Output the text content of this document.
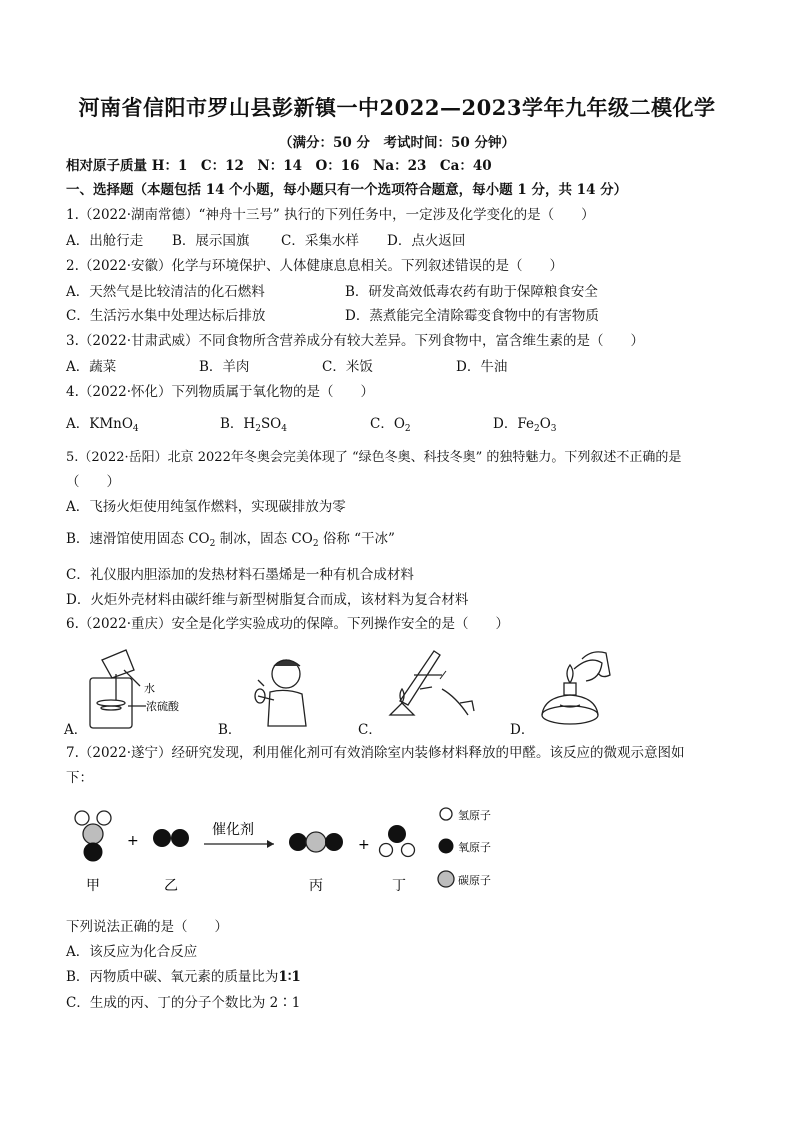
河南省信阳市罗山县彭新镇一中2022—2023学年九年级二模化学
（满分：50 分　考试时间：50 分钟）
相对原子质量 H：1　C：12　N：14　O：16　Na：23　Ca：40
一、选择题（本题包括 14 个小题，每小题只有一个选项符合题意，每小题 1 分，共 14 分）
1.（2022·湖南常德）“神舟十三号” 执行的下列任务中，一定涉及化学变化的是（　　）
A．出舱行走 B．展示国旗 C．采集水样 D．点火返回
2.（2022·安徽）化学与环境保护、人体健康息息相关。下列叙述错误的是（　　）
A．天然气是比较清洁的化石燃料	B．研发高效低毒农药有助于保障粮食安全
C．生活污水集中处理达标后排放	D．蒸煮能完全清除霉变食物中的有害物质
3.（2022·甘肃武威）不同食物所含营养成分有较大差异。下列食物中，富含维生素的是（　　）
A．蔬菜	B．羊肉	C．米饭	D．牛油
4.（2022·怀化）下列物质属于氧化物的是（　　）
A．KMnO$_4$	B．$H_2SO_4$	C．$O_2$	D．$Fe_2O_3$
5.（2022·岳阳）北京 2022年冬奥会完美体现了 “绿色冬奥、科技冬奥” 的独特魅力。下列叙述不正确的是
（　　）
A．飞扬火炬使用纯氢作燃料，实现碳排放为零
B．速滑馆使用固态 $CO_2$ 制冰，固态 $CO_2$ 俗称 “干冰”
C．礼仪服内胆添加的发热材料石墨烯是一种有机合成材料
D．火炬外壳材料由碳纤维与新型树脂复合而成，该材料为复合材料
6.（2022·重庆）安全是化学实验成功的保障。下列操作安全的是（　　）
水
浓硫酸
A．	B．	C．	D．
7.（2022·遂宁）经研究发现，利用催化剂可有效消除室内装修材料释放的甲醛。该反应的微观示意图如
下：
+
催化剂
+
甲	乙	丙	丁
氢原子
氧原子
碳原子
下列说法正确的是（　　）
A．该反应为化合反应
B．丙物质中碳、氧元素的质量比为1∶1
C．生成的丙、丁的分子个数比为 2∶1
